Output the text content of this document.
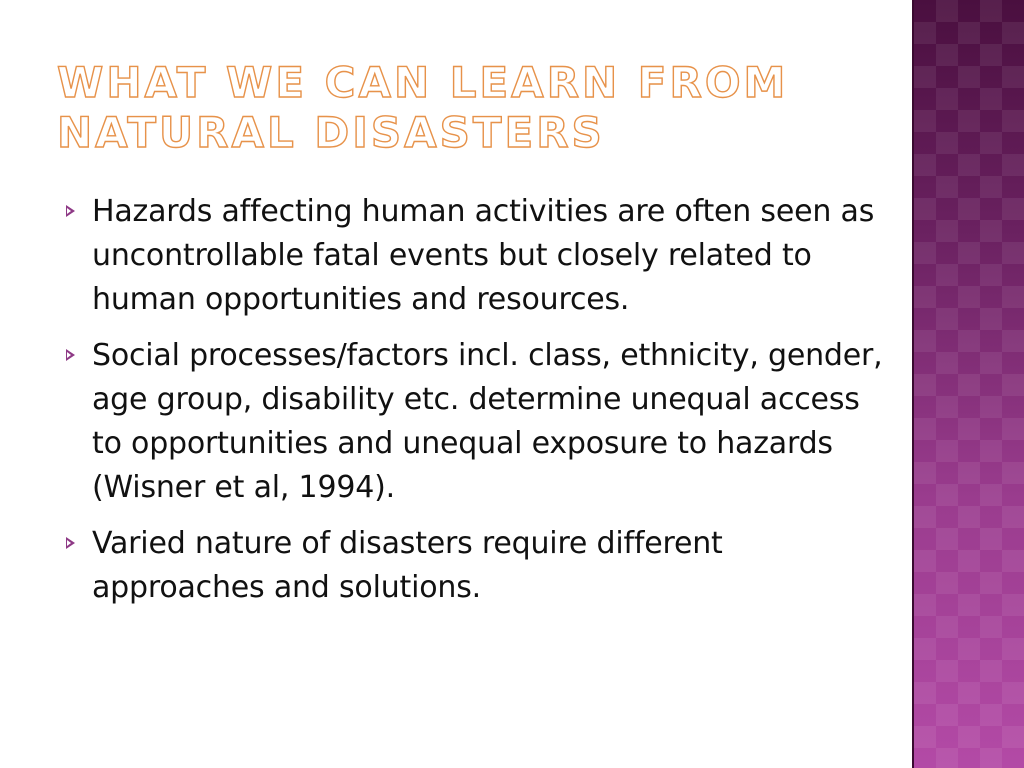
WHAT WE CAN LEARN FROM
NATURAL DISASTERS
Hazards affecting human activities are often seen as uncontrollable fatal events but closely related to human opportunities and resources.
Social processes/factors incl. class, ethnicity, gender, age group, disability etc. determine unequal access to opportunities and unequal exposure to hazards (Wisner et al, 1994).
Varied nature of disasters require different approaches and solutions.
